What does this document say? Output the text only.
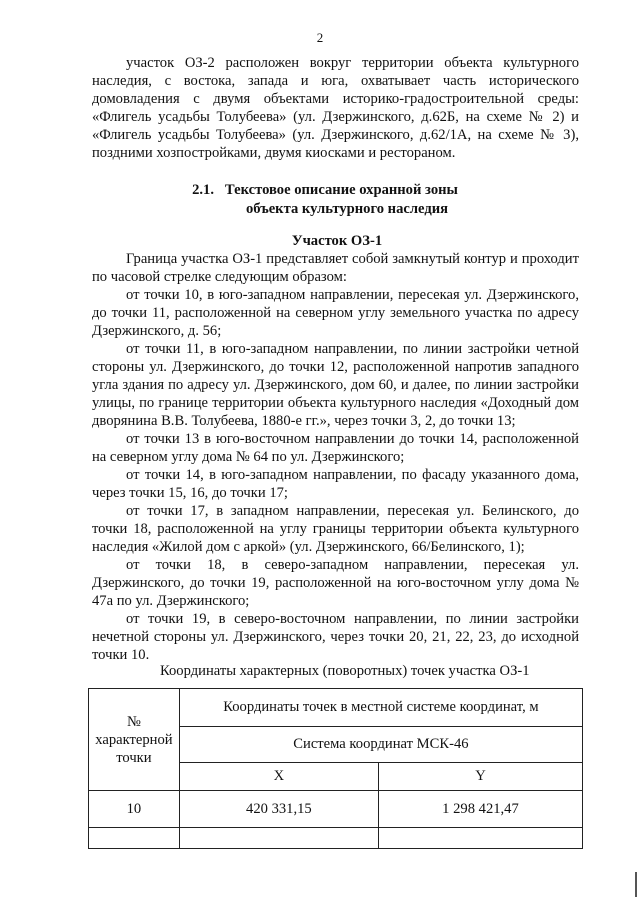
2

участок ОЗ-2 расположен вокруг территории объекта культурного наследия, с востока, запада и юга, охватывает часть исторического домовладения с двумя объектами историко-градостроительной среды: «Флигель усадьбы Толубеева» (ул. Дзержинского, д.62Б, на схеме № 2) и «Флигель усадьбы Толубеева» (ул. Дзержинского, д.62/1А, на схеме № 3), поздними хозпостройками, двумя киосками и рестораном.

2.1. Текстовое описание охранной зоны
объекта культурного наследия
Участок ОЗ-1

Граница участка ОЗ-1 представляет собой замкнутый контур и проходит по часовой стрелке следующим образом:

от точки 10, в юго-западном направлении, пересекая ул. Дзержинского, до точки 11, расположенной на северном углу земельного участка по адресу Дзержинского, д. 56;

от точки 11, в юго-западном направлении, по линии застройки четной стороны ул. Дзержинского, до точки 12, расположенной напротив западного угла здания по адресу ул. Дзержинского, дом 60, и далее, по линии застройки улицы, по границе территории объекта культурного наследия «Доходный дом дворянина В.В. Толубеева, 1880-е гг.», через точки 3, 2, до точки 13;

от точки 13 в юго-восточном направлении до точки 14, расположенной на северном углу дома № 64 по ул. Дзержинского;

от точки 14, в юго-западном направлении, по фасаду указанного дома, через точки 15, 16, до точки 17;

от точки 17, в западном направлении, пересекая ул. Белинского, до точки 18, расположенной на углу границы территории объекта культурного наследия «Жилой дом с аркой» (ул. Дзержинского, 66/Белинского, 1);

от точки 18, в северо-западном направлении, пересекая ул. Дзержинского, до точки 19, расположенной на юго-восточном углу дома № 47а по ул. Дзержинского;

от точки 19, в северо-восточном направлении, по линии застройки нечетной стороны ул. Дзержинского, через точки 20, 21, 22, 23, до исходной точки 10.

Координаты характерных (поворотных) точек участка ОЗ-1
№ характерной точки	Координаты точек в местной системе координат, м	
	Система координат МСК-46	
	X	Y
10	420 331,15	1 298 421,47
